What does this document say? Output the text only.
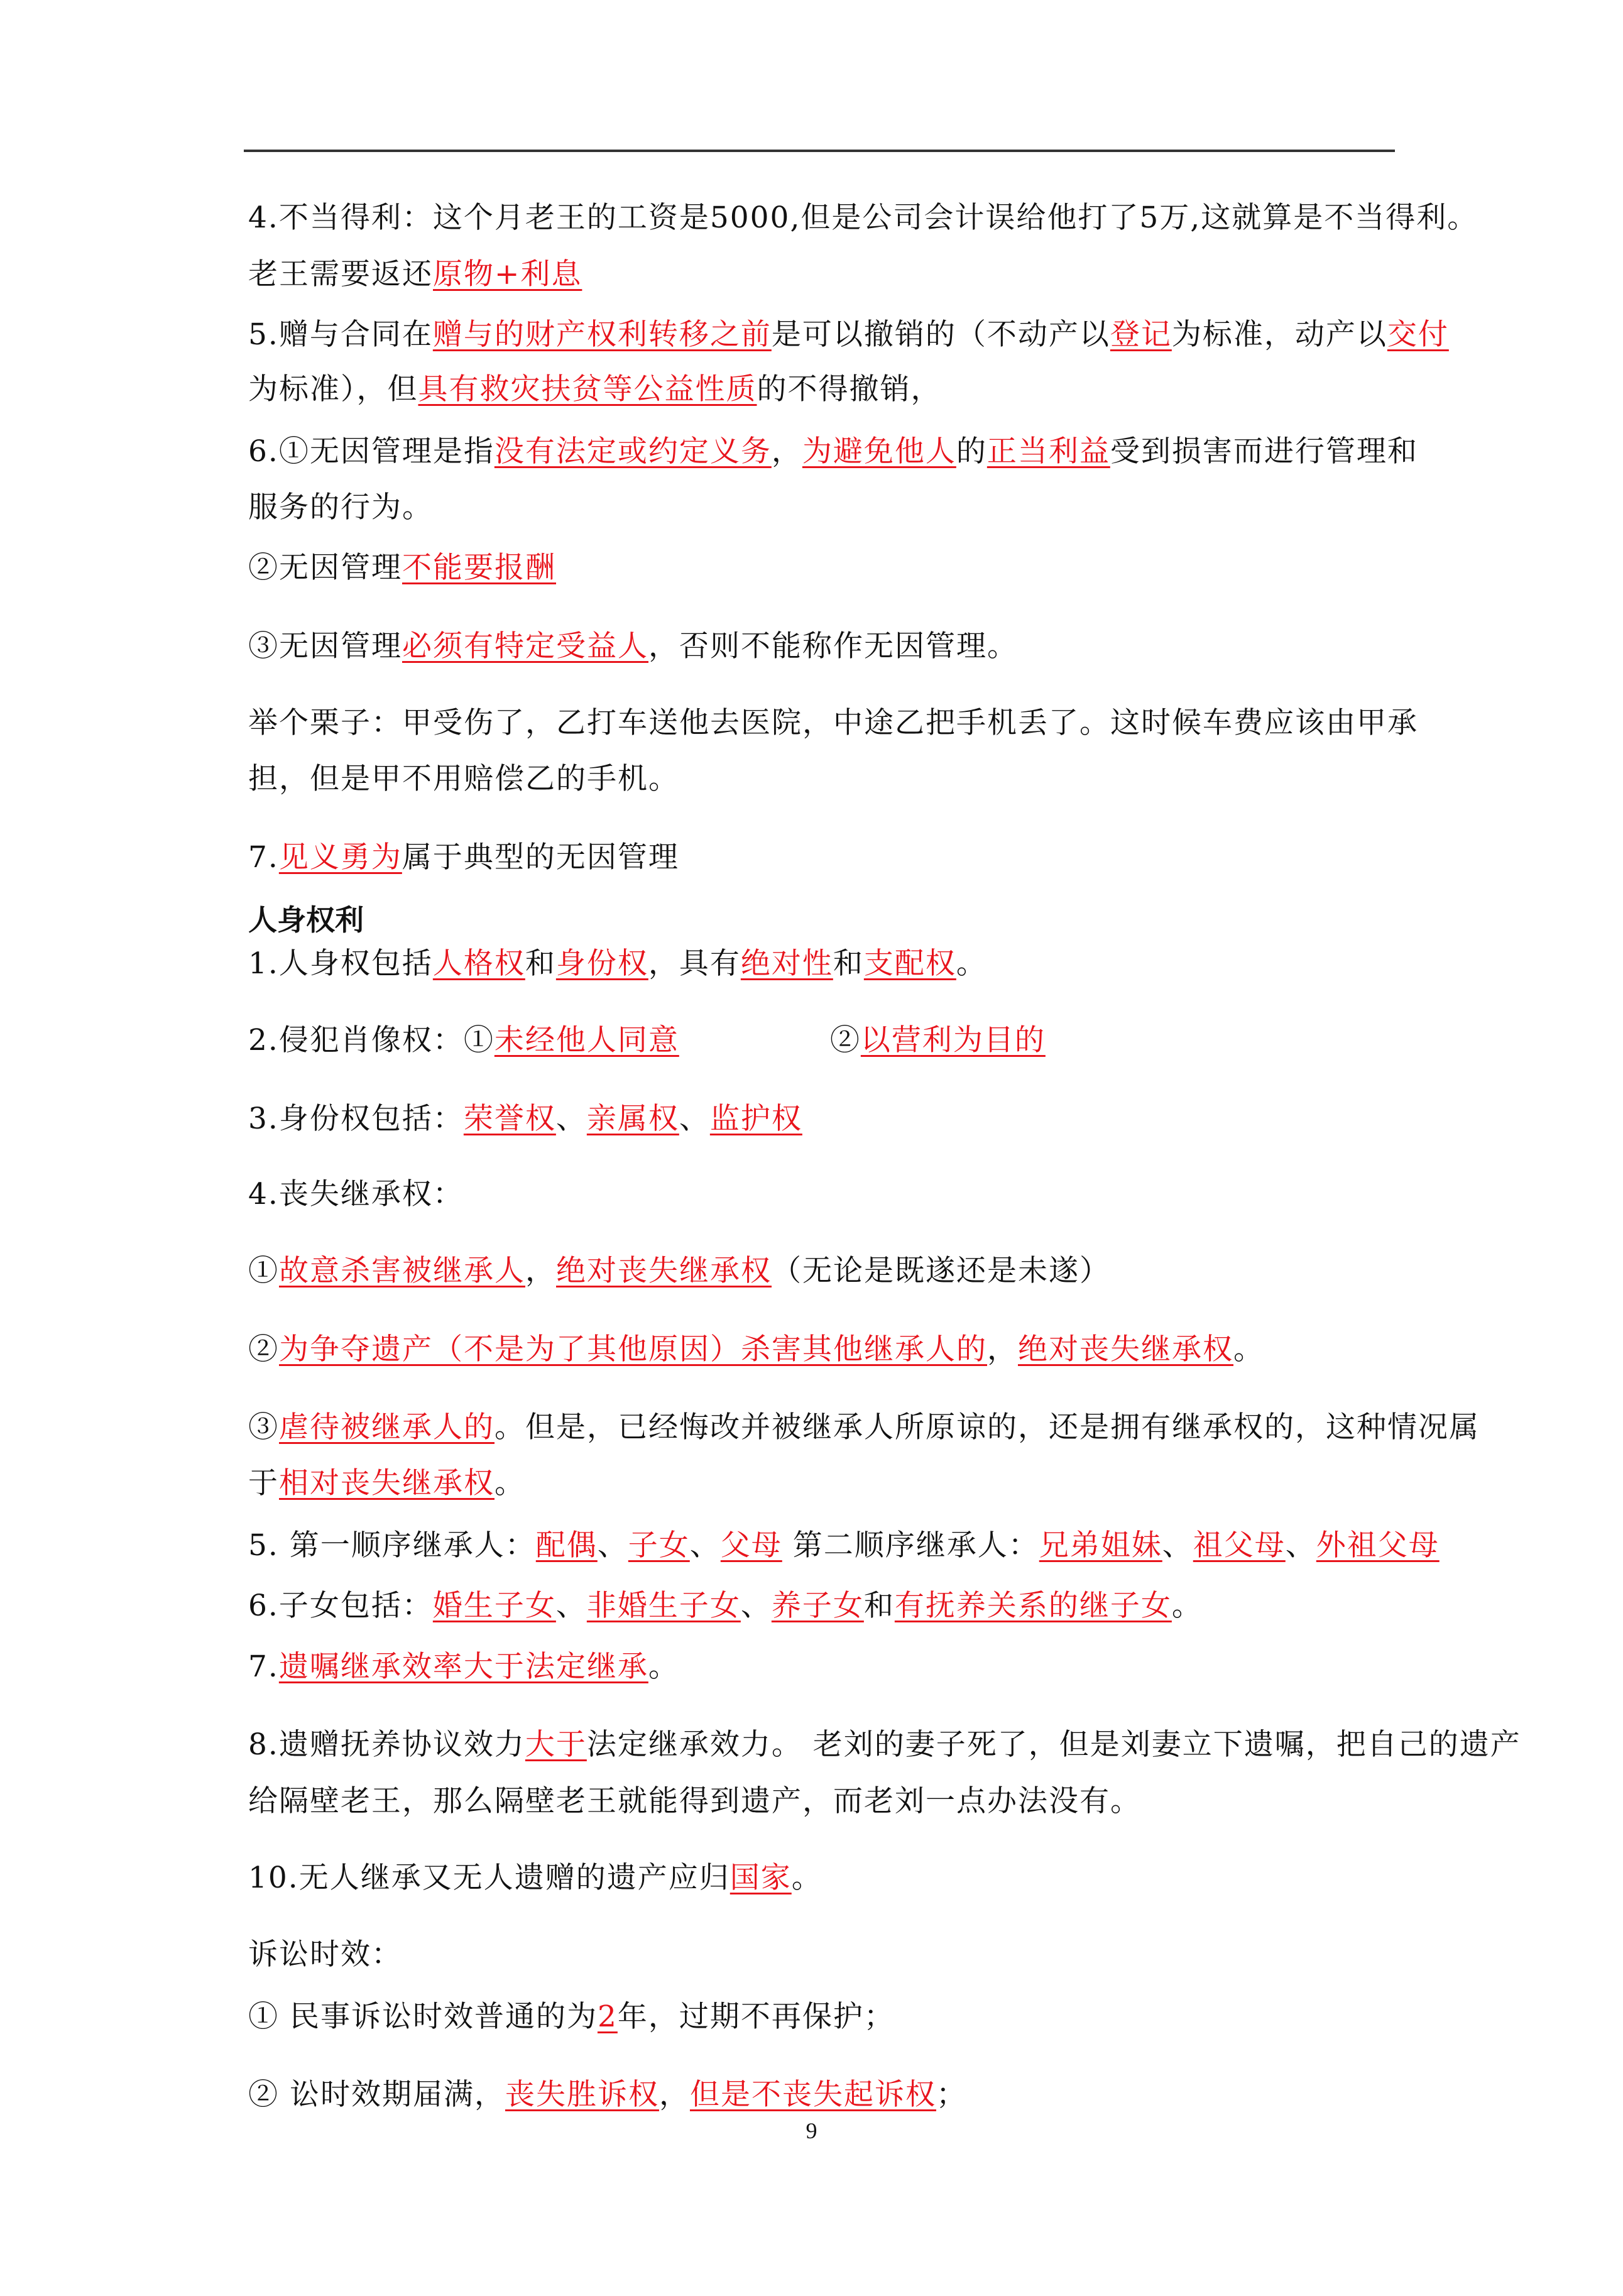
4.不当得利：这个月老王的工资是5000,但是公司会计误给他打了5万,这就算是不当得利。
老王需要返还原物+利息
5.赠与合同在赠与的财产权利转移之前是可以撤销的（不动产以登记为标准，动产以交付
为标准），但具有救灾扶贫等公益性质的不得撤销，
6.①无因管理是指没有法定或约定义务，为避免他人的正当利益受到损害而进行管理和
服务的行为。
②无因管理不能要报酬
③无因管理必须有特定受益人，否则不能称作无因管理。
举个栗子：甲受伤了，乙打车送他去医院，中途乙把手机丢了。这时候车费应该由甲承
担，但是甲不用赔偿乙的手机。
7.见义勇为属于典型的无因管理
人身权利
1.人身权包括人格权和身份权，具有绝对性和支配权。
2.侵犯肖像权：①未经他人同意	②以营利为目的
3.身份权包括：荣誉权、亲属权、监护权
4.丧失继承权：
①故意杀害被继承人，绝对丧失继承权（无论是既遂还是未遂）
②为争夺遗产（不是为了其他原因）杀害其他继承人的，绝对丧失继承权。
③虐待被继承人的。但是，已经悔改并被继承人所原谅的，还是拥有继承权的，这种情况属
于相对丧失继承权。
5. 第一顺序继承人：配偶、子女、父母 第二顺序继承人：兄弟姐妹、祖父母、外祖父母
6.子女包括：婚生子女、非婚生子女、养子女和有抚养关系的继子女。
7.遗嘱继承效率大于法定继承。
8.遗赠抚养协议效力大于法定继承效力。 老刘的妻子死了，但是刘妻立下遗嘱，把自己的遗产
给隔壁老王，那么隔壁老王就能得到遗产，而老刘一点办法没有。
10.无人继承又无人遗赠的遗产应归国家。
诉讼时效：
① 民事诉讼时效普通的为2年，过期不再保护；
② 讼时效期届满，丧失胜诉权，但是不丧失起诉权；
9
